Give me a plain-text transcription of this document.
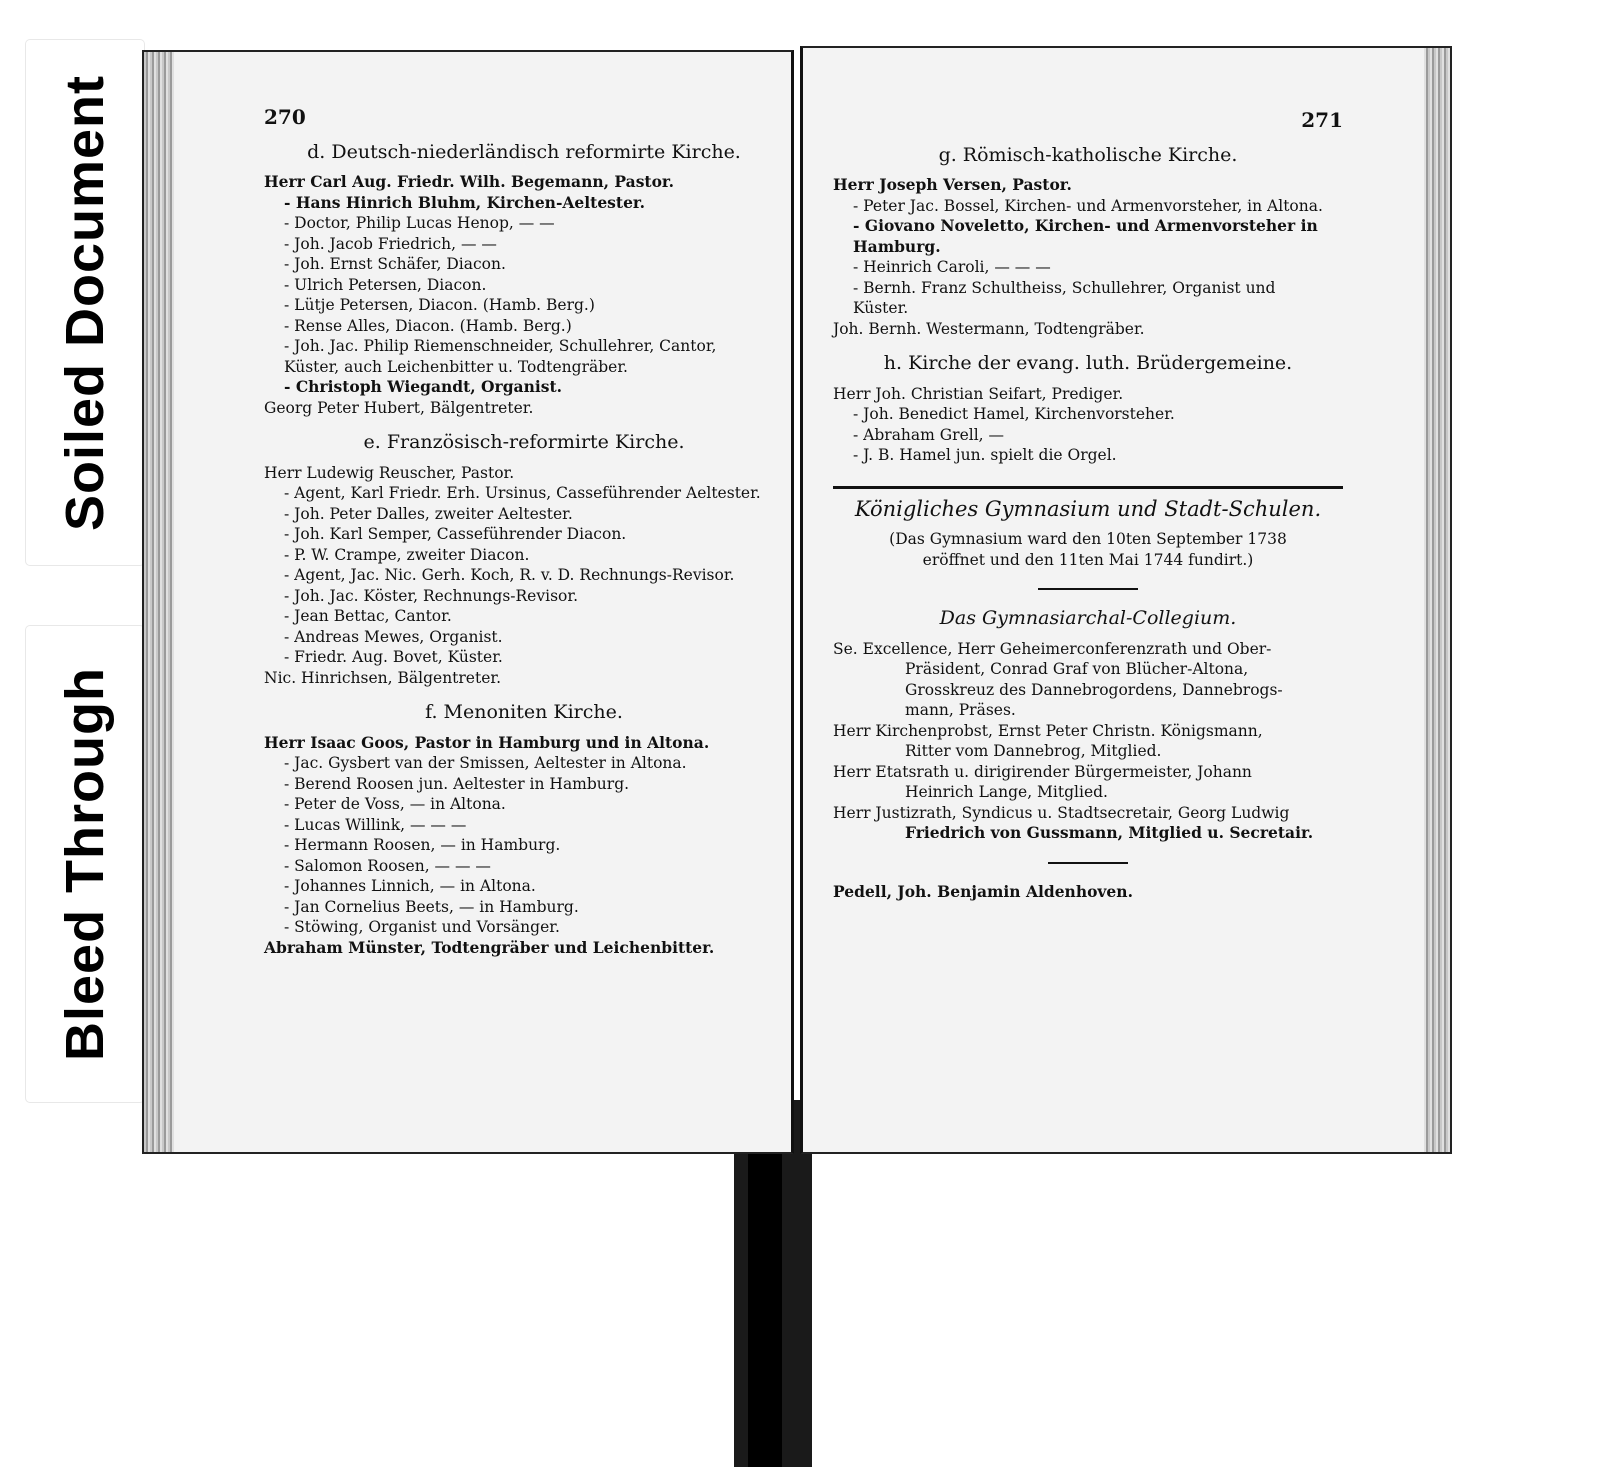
Soiled Document
Bleed Through
270
d. Deutsch-niederländisch reformirte Kirche.
Herr Carl Aug. Friedr. Wilh. Begemann, Pastor.
- Hans Hinrich Bluhm, Kirchen-Aeltester.
- Doctor, Philip Lucas Henop, — —
- Joh. Jacob Friedrich, — —
- Joh. Ernst Schäfer, Diacon.
- Ulrich Petersen, Diacon.
- Lütje Petersen, Diacon. (Hamb. Berg.)
- Rense Alles, Diacon. (Hamb. Berg.)
- Joh. Jac. Philip Riemenschneider, Schullehrer, Cantor, Küster, auch Leichenbitter u. Todtengräber.
- Christoph Wiegandt, Organist.
Georg Peter Hubert, Bälgentreter.
e. Französisch-reformirte Kirche.
Herr Ludewig Reuscher, Pastor.
- Agent, Karl Friedr. Erh. Ursinus, Casseführender Aeltester.
- Joh. Peter Dalles, zweiter Aeltester.
- Joh. Karl Semper, Casseführender Diacon.
- P. W. Crampe, zweiter Diacon.
- Agent, Jac. Nic. Gerh. Koch, R. v. D. Rechnungs-Revisor.
- Joh. Jac. Köster, Rechnungs-Revisor.
- Jean Bettac, Cantor.
- Andreas Mewes, Organist.
- Friedr. Aug. Bovet, Küster.
Nic. Hinrichsen, Bälgentreter.
f. Menoniten Kirche.
Herr Isaac Goos, Pastor in Hamburg und in Altona.
- Jac. Gysbert van der Smissen, Aeltester in Altona.
- Berend Roosen jun. Aeltester in Hamburg.
- Peter de Voss, — in Altona.
- Lucas Willink, — — —
- Hermann Roosen, — in Hamburg.
- Salomon Roosen, — — —
- Johannes Linnich, — in Altona.
- Jan Cornelius Beets, — in Hamburg.
- Stöwing, Organist und Vorsänger.
Abraham Münster, Todtengräber und Leichenbitter.
271
g. Römisch-katholische Kirche.
Herr Joseph Versen, Pastor.
- Peter Jac. Bossel, Kirchen- und Armenvorsteher, in Altona.
- Giovano Noveletto, Kirchen- und Armenvorsteher in Hamburg.
- Heinrich Caroli, — — —
- Bernh. Franz Schultheiss, Schullehrer, Organist und Küster.
Joh. Bernh. Westermann, Todtengräber.
h. Kirche der evang. luth. Brüdergemeine.
Herr Joh. Christian Seifart, Prediger.
- Joh. Benedict Hamel, Kirchenvorsteher.
- Abraham Grell, —
- J. B. Hamel jun. spielt die Orgel.
Königliches Gymnasium und Stadt-Schulen.
(Das Gymnasium ward den 10ten September 1738
eröffnet und den 11ten Mai 1744 fundirt.)
Das Gymnasiarchal-Collegium.
Se. Excellence, Herr Geheimerconferenzrath und Ober-
Präsident, Conrad Graf von Blücher-Altona,
Grosskreuz des Dannebrogordens, Dannebrogs-
mann, Präses.
Herr Kirchenprobst, Ernst Peter Christn. Königsmann,
Ritter vom Dannebrog, Mitglied.
Herr Etatsrath u. dirigirender Bürgermeister, Johann
Heinrich Lange, Mitglied.
Herr Justizrath, Syndicus u. Stadtsecretair, Georg Ludwig
Friedrich von Gussmann, Mitglied u. Secretair.
Pedell, Joh. Benjamin Aldenhoven.
